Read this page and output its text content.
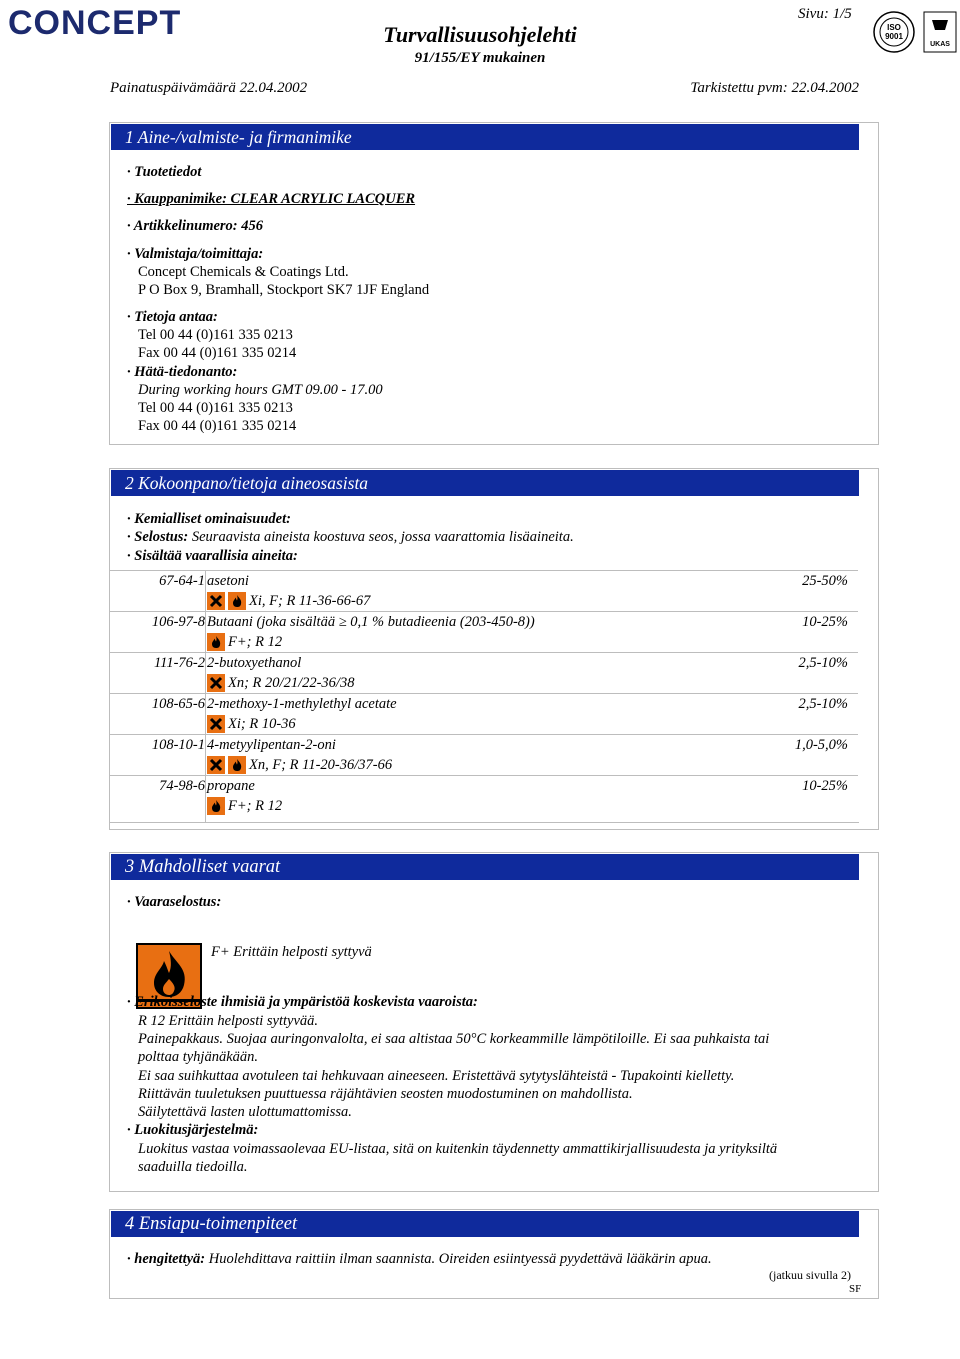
CONCEPT	Turvallisuusohjelehti
91/155/EY mukainen
Sivu: 1/5
ISO
9001
UKAS
Painatuspäivämäärä 22.04.2002	Tarkistettu pvm: 22.04.2002
1 Aine-/valmiste- ja firmanimike
· Tuotetiedot
· Kauppanimike: CLEAR ACRYLIC LACQUER
· Artikkelinumero: 456
· Valmistaja/toimittaja:
Concept Chemicals & Coatings Ltd.
P O Box 9, Bramhall, Stockport SK7 1JF England
· Tietoja antaa:
Tel 00 44 (0)161 335 0213
Fax 00 44 (0)161 335 0214
· Hätä-tiedonanto:
During working hours GMT 09.00 - 17.00
Tel 00 44 (0)161 335 0213
Fax 00 44 (0)161 335 0214
2 Kokoonpano/tietoja aineosasista
· Kemialliset ominaisuudet:
· Selostus: Seuraavista aineista koostuva seos, jossa vaarattomia lisäaineita.
· Sisältää vaarallisia aineita:
67-64-1 asetoni
Xi, F; R 11-36-66-67
25-50%
106-97-8 Butaani (joka sisältää ≥ 0,1 % butadieenia (203-450-8))
F+; R 12
10-25%
111-76-2 2-butoxyethanol
Xn; R 20/21/22-36/38
2,5-10%
108-65-6 2-methoxy-1-methylethyl acetate
Xi; R 10-36
2,5-10%
108-10-1 4-metyylipentan-2-oni
Xn, F; R 11-20-36/37-66
1,0-5,0%
74-98-6 propane
F+; R 12
10-25%
3 Mahdolliset vaarat
· Vaaraselostus:
F+ Erittäin helposti syttyvä
· Erikoisseloste ihmisiä ja ympäristöä koskevista vaaroista:
R 12 Erittäin helposti syttyvää.
Painepakkaus. Suojaa auringonvalolta, ei saa altistaa 50°C korkeammille lämpötiloille. Ei saa puhkaista tai
polttaa tyhjänäkään.
Ei saa suihkuttaa avotuleen tai hehkuvaan aineeseen. Eristettävä sytytyslähteistä - Tupakointi kielletty.
Riittävän tuuletuksen puuttuessa räjähtävien seosten muodostuminen on mahdollista.
Säilytettävä lasten ulottumattomissa.
· Luokitusjärjestelmä:
Luokitus vastaa voimassaolevaa EU-listaa, sitä on kuitenkin täydennetty ammattikirjallisuudesta ja yrityksiltä
saaduilla tiedoilla.
4 Ensiapu-toimenpiteet
· hengitettyä: Huolehdittava raittiin ilman saannista. Oireiden esiintyessä pyydettävä lääkärin apua.
(jatkuu sivulla 2)
SF
